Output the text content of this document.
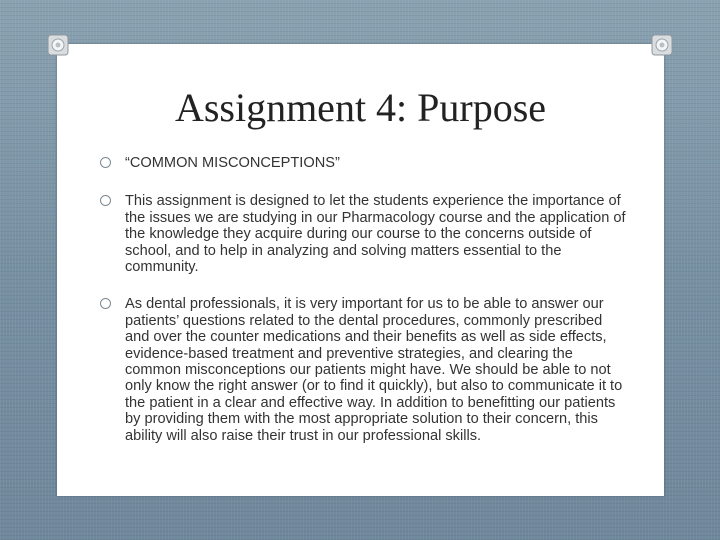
Assignment 4: Purpose
“COMMON MISCONCEPTIONS”
This assignment is designed to let the students experience the importance of the issues we are studying in our Pharmacology course and the application of the knowledge they acquire during our course to the concerns outside of school, and to help in analyzing and solving matters essential to the community.
As dental professionals, it is very important for us to be able to answer our patients’ questions related to the dental procedures, commonly prescribed and over the counter medications and their benefits as well as side effects, evidence-based treatment and preventive strategies, and clearing the common misconceptions our patients might have. We should be able to not only know the right answer (or to find it quickly), but also to communicate it to the patient in a clear and effective way. In addition to benefitting our patients by providing them with the most appropriate solution to their concern, this ability will also raise their trust in our professional skills.
